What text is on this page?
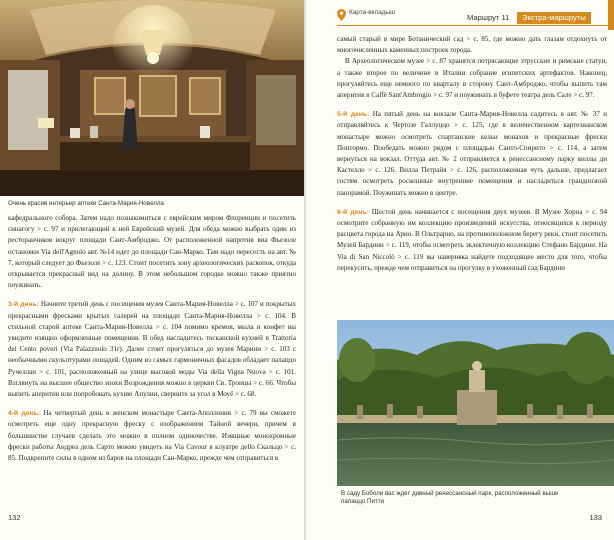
Очень красив интерьер аптеки Санта-Мария-Новелла

кафедрального собора. Затем надо познакомиться с еврейским миром Флоренции и посетить синагогу > с. 97 и прилегающий к ней Еврейский музей. Для обеда можно выбрать один из ресторанчиков вокруг площади Сант-Амброджо. От расположенной напротив виа Фьезоле остановки Via dell'Agnolo авт. №14 идет до площади Сан-Марко. Там надо пересесть на авт. № 7, который следует до Фьезоле > с. 123. Стоит посетить зону археологических раскопок, откуда открывается прекрасный вид на долину. В этом небольшом городке можно также приятно поужинать.

3-й день: Начните третий день с посещения музея Санта-Мария-Новелла > с. 107 и покрытых прекрасными фресками крытых галерей на площади Санта-Мария-Новелла > с. 104. В стильной старой аптеке Санта-Мария-Новелла > с. 104 помимо кремов, мыла и конфет вы увидите изящно оформленные помещения. В обед насладитесь тосканской кухней в Trattoria dei Cento poveri (Via Palazzuolo 31r). Далее стоит прогуляться до музея Марини > с. 103 с необычными скульптурами лошадей. Одним из самых гармоничных фасадов обладает палаццо Ручеллаи > с. 101, расположенный на улице высокой моды Via della Vigna Nuova > с. 101. Взглянуть на высшее общество эпохи Возрождения можно в церкви Св. Троицы > с. 66. Чтобы выпить аперитив или попробовать кухню Апулии, сверните за угол в Моуё > с. 68.

4-й день: На четвертый день в женском монастыре Санта-Аполлония > с. 79 вы сможете осмотреть еще одну прекрасную фреску с изображением Тайной вечери, причем в большинстве случаев сделать это можно в полном одиночестве. Изящные монохромные фрески работы Андреа дель Сарто можно увидеть на Via Cavour в клуатре дello Скальцо > с. 85. Подкрепите силы в одном из баров на площади Сан-Марко, прежде чем отправиться в

132
Карта-вкладыш
Маршрут 11	Экстра-маршруты

самый старый в мире Ботанический сад > с. 85, где можно дать глазам отдохнуть от многочисленных каменных построек города.

В Археологическом музее > с. 87 хранятся потрясающие этрусские и римские статуи, а также второе по величине в Италии собрание египетских артефактов. Наконец, прогуляйтесь еще немного по кварталу в сторону Сант-Амброджо, чтобы выпить там аперитив в Caffè Sant'Ambrogio > с. 97 и поужинать в буфете театра дель Сале > с. 97.

5-й день: На пятый день на вокзале Санта-Мария-Новелла садитесь в авт. № 37 и отправляйтесь к Чертозе Галлуццо > с. 125, где в величественном картезианском монастыре можно осмотреть спартанские кельи монахов и прекрасные фрески Понтормо. Пообедать можно рядом с площадью Санто-Спирито > с. 114, а затем вернуться на вокзал. Оттуда авт. № 2 отправляется к ренессансному парку виллы ди Кастелло > с. 126. Вилла Петрайя > с. 126, расположенная чуть дальше, предлагает гостям осмотреть роскошные внутренние помещения и насладиться грандиозной панорамой. Поужинать можно в центре.

6-й день: Шестой день начинается с посещения двух музеев. В Музее Хорна > с. 94 осмотрите собранную им коллекцию произведений искусства, относящихся к периоду расцвета города на Арно. В Ольтрарно, на противоположном берегу реки, стоит посетить Музей Бардини > с. 119, чтобы осмотреть эклектичную коллекцию Стефано Бардини. На Via di San Niccolò > с. 119 вы наверняка найдете подходящее место для того, чтобы перекусить, прежде чем отправиться на прогулку в ухоженный сад Бардини

В саду Боболи вас ждет дивный ренессансный парк, расположенный выше палаццо Питти
133
